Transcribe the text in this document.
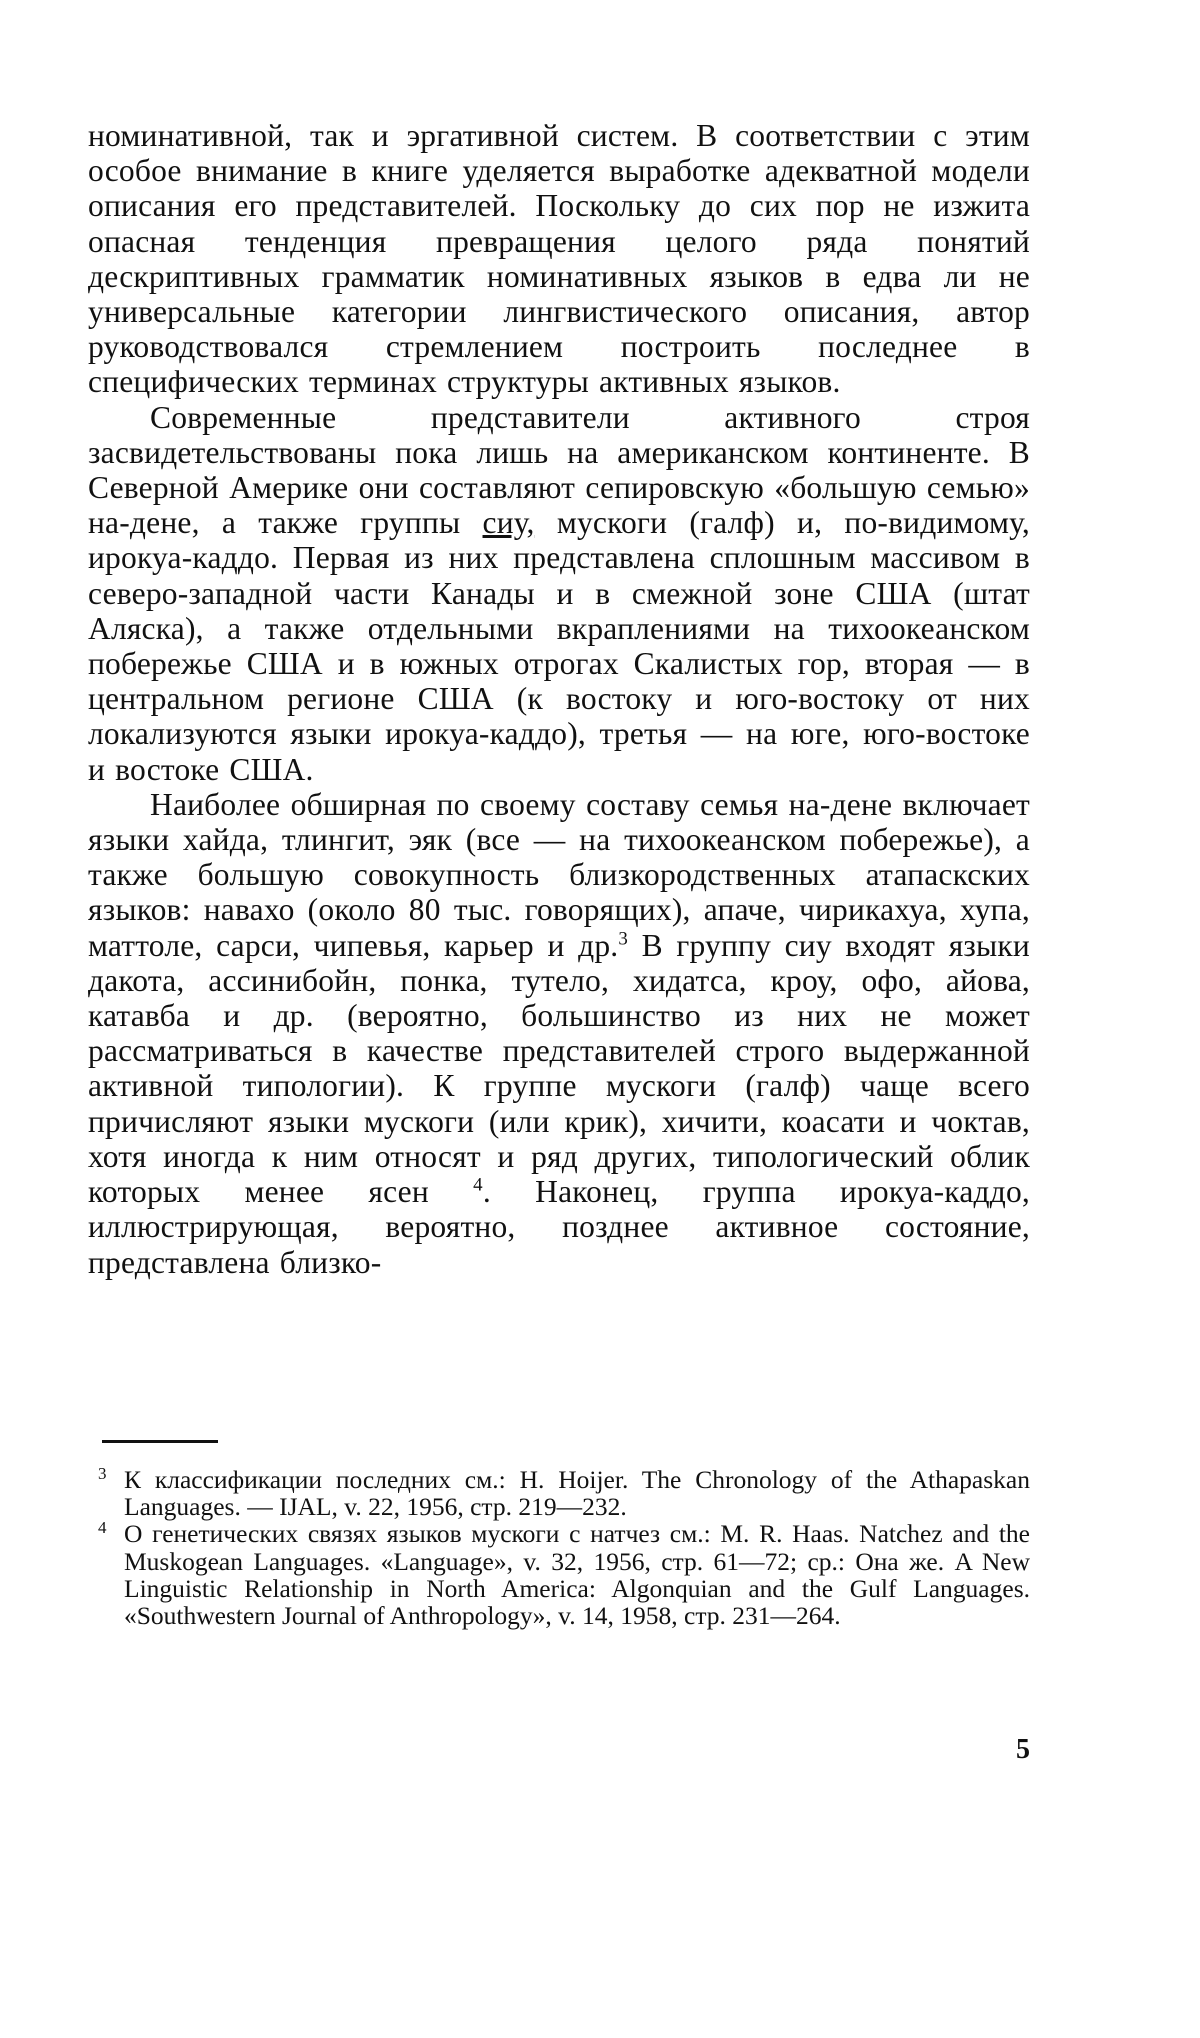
номинативной, так и эргативной систем. В соответствии с этим особое внимание в книге уделяется выработке адекватной модели описания его представителей. Поскольку до сих пор не изжита опасная тенденция превращения целого ряда понятий дескриптивных грамматик номинативных языков в едва ли не универсальные категории лингвистического описания, автор руководствовался стремлением построить последнее в специфических терминах структуры активных языков.

Современные представители активного строя засвидетельствованы пока лишь на американском континенте. В Северной Америке они составляют сепировскую «большую семью» на-дене, а также группы сиу, мускоги (галф) и, по-видимому, ирокуа-каддо. Первая из них представлена сплошным массивом в северо-западной части Канады и в смежной зоне США (штат Аляска), а также отдельными вкраплениями на тихоокеанском побережье США и в южных отрогах Скалистых гор, вторая — в центральном регионе США (к востоку и юго-востоку от них локализуются языки ирокуа-каддо), третья — на юге, юго-востоке и востоке США.

Наиболее обширная по своему составу семья на-дене включает языки хайда, тлингит, эяк (все — на тихоокеанском побережье), а также большую совокупность близкородственных атапаскских языков: навахо (около 80 тыс. говорящих), апаче, чирикахуа, хупа, маттоле, сарси, чипевья, карьер и др.$^3$ В группу сиу входят языки дакота, ассинибойн, понка, тутело, хидатса, кроу, офо, айова, катавба и др. (вероятно, большинство из них не может рассматриваться в качестве представителей строго выдержанной активной типологии). К группе мускоги (галф) чаще всего причисляют языки мускоги (или крик), хичити, коасати и чоктав, хотя иногда к ним относят и ряд других, типологический облик которых менее ясен $^4$. Наконец, группа ирокуа-каддо, иллюстрирующая, вероятно, позднее активное состояние, представлена близко-

3 К классификации последних см.: H. Hoijer. The Chronology of the Athapaskan Languages. — IJAL, v. 22, 1956, стр. 219—232.

4 О генетических связях языков мускоги с натчез см.: M. R. Haas. Natchez and the Muskogean Languages. «Language», v. 32, 1956, стр. 61—72; ср.: Она же. A New Linguistic Relationship in North America: Algonquian and the Gulf Languages. «Southwestern Journal of Anthropology», v. 14, 1958, стр. 231—264.

5
